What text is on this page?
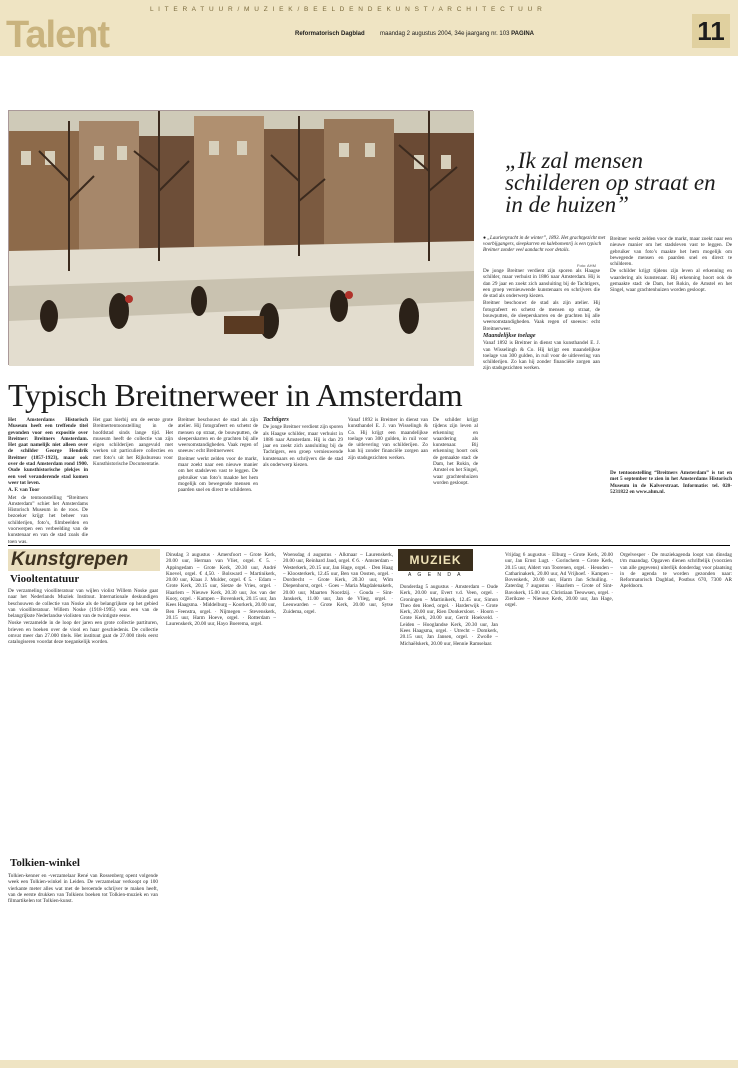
L I T E R A T U U R / M U Z I E K / B E E L D E N D E K U N S T / A R C H I T E C T U U R
Talent	Reformatorisch Dagblad	maandag 2 augustus 2004, 34e jaargang nr. 103 PAGINA	11
„Ik zal mensen schilderen op straat en in de huizen”
● „Lauriergracht in de winter”, 1893. Het grachtgezicht met voorbijgangers, sleepkarren en kalebomenrij is een typisch Breitner zonder veel aandacht voor details.
Foto: AHM

De jonge Breitner verdient zijn sporen als Haagse schilder, maar verhuist in 1886 naar Amsterdam. Hij is dan 29 jaar en zoekt zich aansluiting bij de Tachtigers, een groep vernieuwende kunstenaars en schrijvers die de stad als onderwerp kiezen.

Breitner beschouwt de stad als zijn atelier. Hij fotografeert en schetst de mensen op straat, de bouwputten, de sleeperskarren en de grachten bij alle weersomstandigheden. Vaak regen of sneeuw: echt Breitnerweer.

Maandelijkse toelage

Vanaf 1892 is Breitner in dienst van kunsthandel E. J. van Wisselingh & Co. Hij krijgt een maandelijkse toelage van 300 gulden, in ruil voor de uitlevering van schilderijen. Zo kan hij zonder financiële zorgen aan zijn stadsgezichten werken.

Breitner werkt zelden voor de markt, maar zoekt naar een nieuwe manier om het stadsleven vast te leggen. De gebruiker van foto’s maakte het hem mogelijk om bewegende mensen en paarden snel en direct te schilderen.

De schilder krijgt tijdens zijn leven al erkenning en waardering als kunstenaar. Bij erkenning hoort ook de gemaakte stad: de Dam, het Rokin, de Amstel en het Singel, waar grachtenhuizen worden gesloopt.

De tentoonstelling “Breitners Amsterdam” is tot en met 5 september te zien in het Amsterdams Historisch Museum in de Kalverstraat. Informatie: tel. 020-5231822 en www.ahm.nl.
Typisch Breitnerweer in Amsterdam

Het Amsterdams Historisch Museum heeft een treffende titel gevonden voor een expositie over Breitner: Breitners Amsterdam. Het gaat namelijk niet alleen over de schilder George Hendrik Breitner (1857-1923), maar ook over de stad Amsterdam rond 1900. Oude kunsthistorische plekjes in een veel veranderende stad komen weer tot leven.

A. F. van Toor

Met de tentoonstelling “Breitners Amsterdam” schiet het Amsterdams Historisch Museum in de roos. De bezoeker krijgt het beheer van schilderijen, foto’s, filmbeelden en voorwerpen een verbeelding van de kunstenaar en van de stad zoals die toen was.

Het gaat hierbij om de eerste grote Breitnertentoonstelling in de hoofdstad sinds lange tijd. Het museum heeft de collectie van zijn eigen schilderijen aangevuld met werken uit particuliere collecties en met foto’s uit het Rijksbureau voor Kunsthistorische Documentatie.

Breitner beschouwt de stad als zijn atelier. Hij fotografeert en schetst de mensen op straat, de bouwputten, de sleeperskarren en de grachten bij alle weersomstandigheden. Vaak regen of sneeuw: echt Breitnerweer.

Breitner werkt zelden voor de markt, maar zoekt naar een nieuwe manier om het stadsleven vast te leggen. De gebruiker van foto’s maakte het hem mogelijk om bewegende mensen en paarden snel en direct te schilderen.

Tachtigers

De jonge Breitner verdient zijn sporen als Haagse schilder, maar verhuist in 1886 naar Amsterdam. Hij is dan 29 jaar en zoekt zich aansluiting bij de Tachtigers, een groep vernieuwende kunstenaars en schrijvers die de stad als onderwerp kiezen.

Vanaf 1892 is Breitner in dienst van kunsthandel E. J. van Wisselingh & Co. Hij krijgt een maandelijkse toelage van 300 gulden, in ruil voor de uitlevering van schilderijen. Zo kan hij zonder financiële zorgen aan zijn stadsgezichten werken.

De schilder krijgt tijdens zijn leven al erkenning en waardering als kunstenaar. Bij erkenning hoort ook de gemaakte stad: de Dam, het Rokin, de Amstel en het Singel, waar grachtenhuizen worden gesloopt.

Kunstgrepen
Viooltentatuur

De verzameling vioolliteratuur van wijlen violist Willem Noske gaat naar het Nederlands Muziek Instituut. Internationale deskundigen beschouwen de collectie van Noske als de belangrijkste op het gebied van vioolliteratuur. Willem Noske (1918-1995) was een van de belangrijkste Nederlandse violisten van de twintigste eeuw.

Noske verzamelde in de loop der jaren een grote collectie partituren, brieven en boeken over de viool en haar geschiedenis. De collectie omvat meer dan 27.000 titels. Het instituut gaat de 27.000 titels eerst catalogiseren voordat deze toegankelijk worden.

Tolkien-winkel

Tolkien-kenner en -verzamelaar René van Rossenberg opent volgende week een Tolkien-winkel in Leiden. De verzamelaar verkoopt op 100 vierkante meter alles wat met de beroemde schrijver te maken heeft, van de eerste drukken van Tolkiens boeken tot Tolkien-muziek en van filmartikelen tot Tolkien-kunst.

MUZIEK
A G E N D A
Dinsdag 3 augustus · Amersfoort – Grote Kerk, 20.00 uur, Herman van Vliet, orgel. € 5. · Appingedam – Grote Kerk, 20.30 uur, André Knevel, orgel. € 4,50. · Bolsward – Martinikerk, 20.00 uur, Klaas J. Mulder, orgel. € 5. · Edam – Grote Kerk, 20.15 uur, Sietze de Vries, orgel. · Haarlem – Nieuwe Kerk, 20.30 uur, Jos van der Kooy, orgel. · Kampen – Bovenkerk, 20.15 uur, Jan Kees Haagsma. · Middelburg – Koorkerk, 20.00 uur, Ben Feenstra, orgel. · Nijmegen – Stevenskerk, 20.15 uur, Harm Hoeve, orgel. · Rotterdam – Laurenskerk, 20.00 uur, Hayo Boerema, orgel.
Woensdag 4 augustus · Alkmaar – Laurenskerk, 20.00 uur, Reinhard Jaud, orgel. € 6. · Amsterdam – Westerkerk, 20.15 uur, Jan Hage, orgel. · Den Haag – Kloosterkerk, 12.45 uur, Ben van Oosten, orgel. · Dordrecht – Grote Kerk, 20.30 uur, Wim Diepenhorst, orgel. · Goes – Maria Magdalenakerk, 20.00 uur, Maarten Noordzij. · Gouda – Sint-Janskerk, 11.00 uur, Jan de Vlieg, orgel. · Leeuwarden – Grote Kerk, 20.00 uur, Sytse Zuidema, orgel.
Donderdag 5 augustus · Amsterdam – Oude Kerk, 20.00 uur, Evert v.d. Veen, orgel. · Groningen – Martinikerk, 12.45 uur, Simon Theo den Hoed, orgel. · Harderwijk – Grote Kerk, 20.00 uur, Rien Donkersloot. · Hoorn – Grote Kerk, 20.00 uur, Gerrit Hoekveld. · Leiden – Hooglandse Kerk, 20.30 uur, Jan Kees Haagsma, orgel. · Utrecht – Domkerk, 20.15 uur, Jan Jansen, orgel. · Zwolle – Michaëlskerk, 20.00 uur, Hennie Ramselaar.
Vrijdag 6 augustus · Elburg – Grote Kerk, 20.00 uur, Jan Ernst Lugt. · Gorinchem – Grote Kerk, 20.15 uur, Aldert van Toorenen, orgel. · Heusden – Catharinakerk, 20.00 uur, Ad Vrijhoef. · Kampen – Bovenkerk, 20.00 uur, Harm Jan Schuiling. · Zaterdag 7 augustus · Haarlem – Grote of Sint-Bavokerk, 15.00 uur, Christiaan Teeuwsen, orgel. · Zierikzee – Nieuwe Kerk, 20.00 uur, Jan Hage, orgel.
Orgelvesper · De muziekagenda loopt van dinsdag t/m maandag. Opgaven dienen schriftelijk (voorzien van alle gegevens) uiterlijk donderdag voor plaatsing in de agenda te worden gezonden naar: Reformatorisch Dagblad, Postbus 670, 7300 AR Apeldoorn.
